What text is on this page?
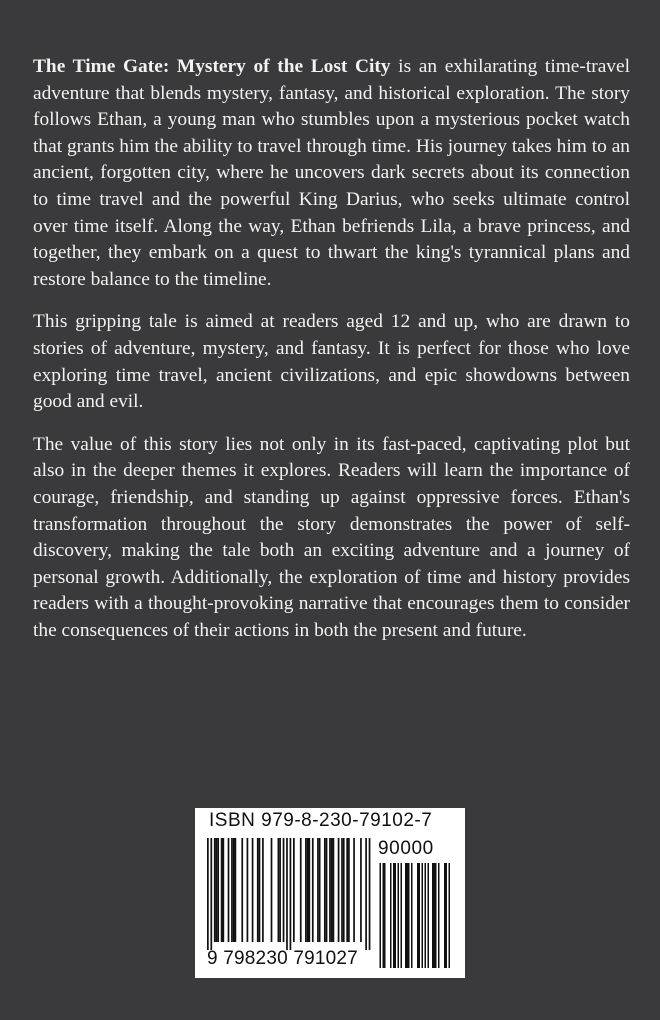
The Time Gate: Mystery of the Lost City is an exhilarating time-travel adventure that blends mystery, fantasy, and historical exploration. The story follows Ethan, a young man who stumbles upon a mysterious pocket watch that grants him the ability to travel through time. His journey takes him to an ancient, forgotten city, where he uncovers dark secrets about its connection to time travel and the powerful King Darius, who seeks ultimate control over time itself. Along the way, Ethan befriends Lila, a brave princess, and together, they embark on a quest to thwart the king's tyrannical plans and restore balance to the timeline.

This gripping tale is aimed at readers aged 12 and up, who are drawn to stories of adventure, mystery, and fantasy. It is perfect for those who love exploring time travel, ancient civilizations, and epic showdowns between good and evil.

The value of this story lies not only in its fast-paced, captivating plot but also in the deeper themes it explores. Readers will learn the importance of courage, friendship, and standing up against oppressive forces. Ethan's transformation throughout the story demonstrates the power of self-discovery, making the tale both an exciting adventure and a journey of personal growth. Additionally, the exploration of time and history provides readers with a thought-provoking narrative that encourages them to consider the consequences of their actions in both the present and future.

ISBN 979-8-230-79102-7
90000
9 798230 791027
